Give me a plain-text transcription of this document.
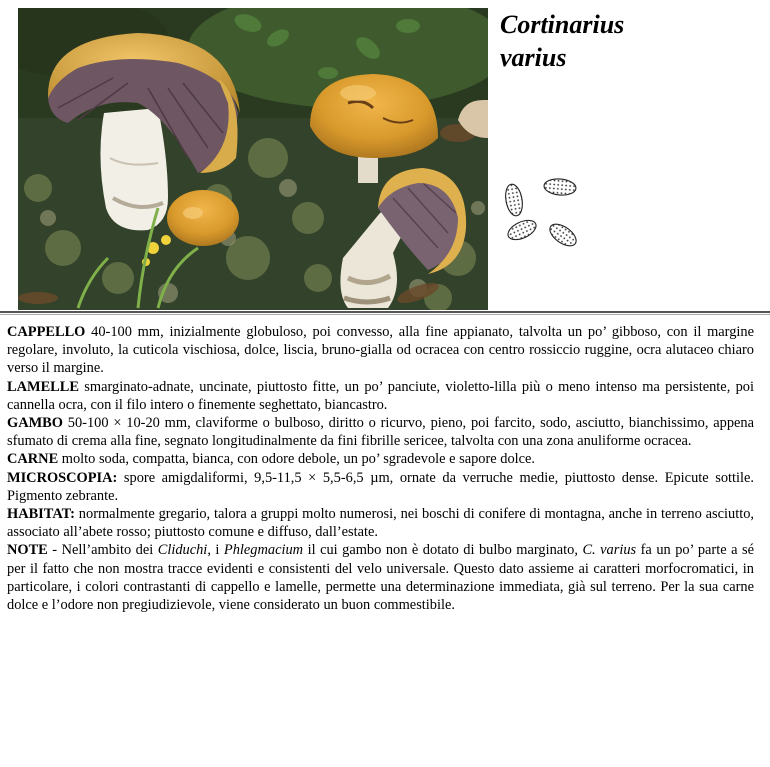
Cortinarius
varius

CAPPELLO 40-100 mm, inizialmente globuloso, poi convesso, alla fine appianato, talvolta un po’ gibboso, con il margine regolare, involuto, la cuticola vischiosa, dolce, liscia, bruno-gialla od ocracea con centro rossiccio ruggine, ocra alutaceo chiaro verso il margine.

LAMELLE smarginato-adnate, uncinate, piuttosto fitte, un po’ panciute, violetto-lilla più o meno intenso ma persistente, poi cannella ocra, con il filo intero o finemente seghettato, biancastro.

GAMBO 50-100 × 10-20 mm, claviforme o bulboso, diritto o ricurvo, pieno, poi farcito, sodo, asciutto, bianchissimo, appena sfumato di crema alla fine, segnato longitudinalmente da fini fibrille sericee, talvolta con una zona anuliforme ocracea.

CARNE molto soda, compatta, bianca, con odore debole, un po’ sgradevole e sapore dolce.

MICROSCOPIA: spore amigdaliformi, 9,5-11,5 × 5,5-6,5 µm, ornate da verruche medie, piuttosto dense. Epicute sottile. Pigmento zebrante.

HABITAT: normalmente gregario, talora a gruppi molto numerosi, nei boschi di conifere di montagna, anche in terreno asciutto, associato all’abete rosso; piuttosto comune e diffuso, dall’estate.

NOTE - Nell’ambito dei Cliduchi, i Phlegmacium il cui gambo non è dotato di bulbo marginato, C. varius fa un po’ parte a sé per il fatto che non mostra tracce evidenti e consistenti del velo universale. Questo dato assieme ai caratteri morfocromatici, in particolare, i colori contrastanti di cappello e lamelle, permette una determinazione immediata, già sul terreno. Per la sua carne dolce e l’odore non pregiudizievole, viene considerato un buon commestibile.
